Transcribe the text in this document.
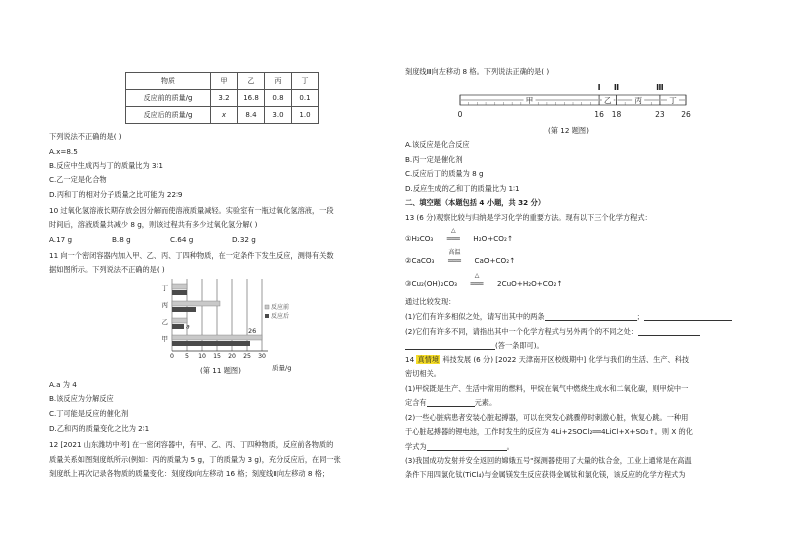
物质	甲	乙	丙	丁
反应前的质量/g	3.2	16.8	0.8	0.1
反应后的质量/g	x	8.4	3.0	1.0
下列说法不正确的是( )
A.x=8.5
B.反应中生成丙与丁的质量比为 3∶1
C.乙一定是化合物
D.丙和丁的相对分子质量之比可能为 22∶9
10 过氧化氢溶液长期存放会因分解而使溶液质量减轻。实验室有一瓶过氧化氢溶液，一段
时间后，溶液质量共减少 8 g，则该过程共有多少过氧化氢分解( )
A.17 g	B.8 g	C.64 g	D.32 g
11 向一个密闭容器内加入甲、乙、丙、丁四种物质，在一定条件下发生反应，测得有关数
据如图所示。下列说法不正确的是( )
丁
丙
乙
甲
0 5 10 15 20 25 30
a	26
质量/g
反应前
反应后
(第 11 题图)
A.a 为 4
B.该反应为分解反应
C.丁可能是反应的催化剂
D.乙和丙的质量变化之比为 2∶1
12 [2021 山东潍坊中考] 在一密闭容器中，有甲、乙、丙、丁四种物质，反应前各物质的
质量关系如图刻度纸所示(例如：丙的质量为 5 g，丁的质量为 3 g)，充分反应后，在同一张
刻度纸上再次记录各物质的质量变化：刻度线Ⅰ向左移动 16 格；刻度线Ⅱ向左移动 8 格；
刻度线Ⅲ向左移动 8 格。下列说法正确的是( )
甲	乙	丙	丁
0	16 18	23 26
Ⅰ Ⅱ	Ⅲ
(第 12 题图)
A.该反应是化合反应
B.丙一定是催化剂
C.反应后丁的质量为 8 g
D.反应生成的乙和丁的质量比为 1∶1
二、填空题（本题包括 4 小题，共 32 分）
13 (6 分)观察比较与归纳是学习化学的重要方法。现有以下三个化学方程式：
①H₂CO₃
△
═══ H₂O+CO₂↑
②CaCO₃
高温
═══ CaO+CO₂↑
③Cu₂(OH)₂CO₃
△
═══ 2CuO+H₂O+CO₂↑
通过比较发现：
(1)它们有许多相似之处，请写出其中的两条	；
(2)它们有许多不同，请指出其中一个化学方程式与另外两个的不同之处：
(答一条即可)。
14 真情境 科技发展 (6 分) [2022 天津南开区校级期中] 化学与我们的生活、生产、科技
密切相关。
(1)甲烷既是生产、生活中常用的燃料，甲烷在氧气中燃烧生成水和二氧化碳，则甲烷中一
定含有	元素。
(2)一些心脏病患者安装心脏起搏器，可以在突发心跳骤停时刺激心脏，恢复心跳。一种用
于心脏起搏器的锂电池，工作时发生的反应为 4Li+2SOCl₂══4LiCl+X+SO₂↑。则 X 的化
学式为	。
(3)我国成功发射并安全返回的嫦娥五号"探测器使用了大量的钛合金，工业上通常是在高温
条件下用四氯化钛(TiCl₄)与金属镁发生反应获得金属钛和氯化镁，该反应的化学方程式为
